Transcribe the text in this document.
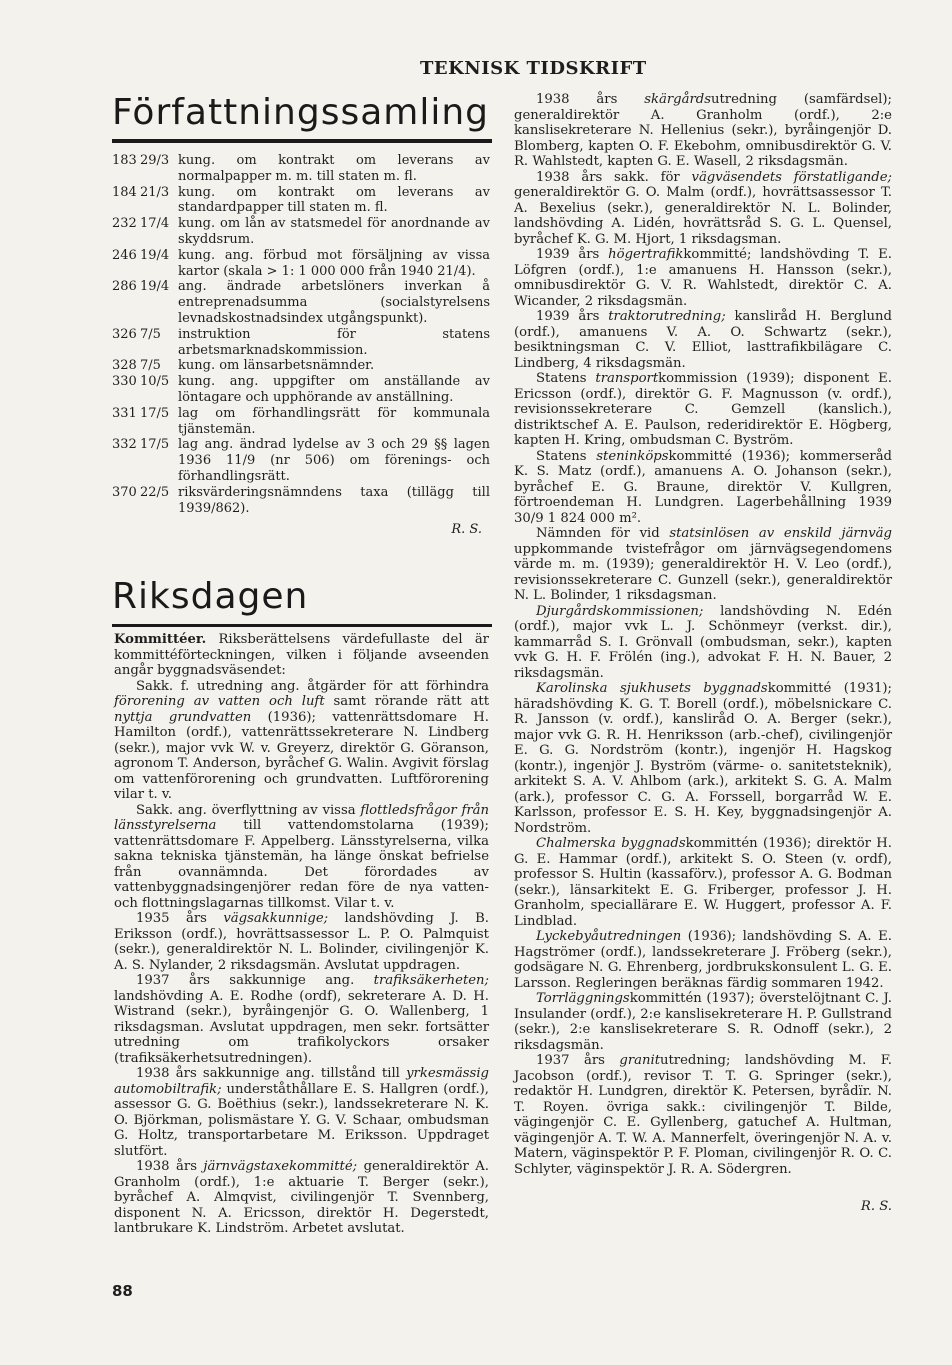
TEKNISK TIDSKRIFT
Författningssamling
183 29/3 kung. om kontrakt om leverans av normalpapper m. m. till staten m. fl.
184 21/3 kung. om kontrakt om leverans av standardpapper till staten m. fl.
232 17/4 kung. om lån av statsmedel för anordnande av skyddsrum.
246 19/4 kung. ang. förbud mot försäljning av vissa kartor (skala > 1: 1 000 000 från 1940 21/4).
286 19/4 ang. ändrade arbetslöners inverkan å entreprenadsumma (socialstyrelsens levnadskostnadsindex utgångspunkt).
326 7/5	instruktion för statens arbetsmarknadskommission.
328 7/5	kung. om länsarbetsnämnder.
330 10/5 kung. ang. uppgifter om anställande av löntagare och upphörande av anställning.
331 17/5 lag om förhandlingsrätt för kommunala tjänstemän.
332 17/5 lag ang. ändrad lydelse av 3 och 29 §§ lagen 1936 11/9 (nr 506) om förenings- och förhandlingsrätt.
370 22/5 riksvärderingsnämndens taxa (tillägg till 1939/862).
R. S.
Riksdagen

Kommittéer. Riksberättelsens värdefullaste del är kommittéförteckningen, vilken i följande avseenden angår byggnadsväsendet:

Sakk. f. utredning ang. åtgärder för att förhindra förorening av vatten och luft samt rörande rätt att nyttja grundvatten (1936); vattenrättsdomare H. Hamilton (ordf.), vattenrättssekreterare N. Lindberg (sekr.), major vvk W. v. Greyerz, direktör G. Göranson, agronom T. Anderson, byråchef G. Walin. Avgivit förslag om vattenförorening och grundvatten. Luftförorening vilar t. v.

Sakk. ang. överflyttning av vissa flottledsfrågor från länsstyrelserna till vattendomstolarna (1939); vattenrättsdomare F. Appelberg. Länsstyrelserna, vilka sakna tekniska tjänstemän, ha länge önskat befrielse från ovannämnda. Det förordades av vattenbyggnadsingenjörer redan före de nya vatten- och flottningslagarnas tillkomst. Vilar t. v.

1935 års vägsakkunnige; landshövding J. B. Eriksson (ordf.), hovrättsassessor L. P. O. Palmquist (sekr.), generaldirektör N. L. Bolinder, civilingenjör K. A. S. Nylander, 2 riksdagsmän. Avslutat uppdragen.

1937 års sakkunnige ang. trafiksäkerheten; landshövding A. E. Rodhe (ordf), sekreterare A. D. H. Wistrand (sekr.), byråingenjör G. O. Wallenberg, 1 riksdagsman. Avslutat uppdragen, men sekr. fortsätter utredning om trafikolyckors orsaker (trafiksäkerhetsutredningen).

1938 års sakkunnige ang. tillstånd till yrkesmässig automobiltrafik; underståthållare E. S. Hallgren (ordf.), assessor G. G. Boëthius (sekr.), landssekreterare N. K. O. Björkman, polismästare Y. G. V. Schaar, ombudsman G. Holtz, transportarbetare M. Eriksson. Uppdraget slutfört.

1938 års järnvägstaxekommitté; generaldirektör A. Granholm (ordf.), 1:e aktuarie T. Berger (sekr.), byråchef A. Almqvist, civilingenjör T. Svennberg, disponent N. A. Ericsson, direktör H. Degerstedt, lantbrukare K. Lindström. Arbetet avslutat.

1938 års skärgårdsutredning (samfärdsel); generaldirektör A. Granholm (ordf.), 2:e kanslisekreterare N. Hellenius (sekr.), byråingenjör D. Blomberg, kapten O. F. Ekebohm, omnibusdirektör G. V. R. Wahlstedt, kapten G. E. Wasell, 2 riksdagsmän.

1938 års sakk. för vägväsendets förstatligande; generaldirektör G. O. Malm (ordf.), hovrättsassessor T. A. Bexelius (sekr.), generaldirektör N. L. Bolinder, landshövding A. Lidén, hovrättsråd S. G. L. Quensel, byråchef K. G. M. Hjort, 1 riksdagsman.

1939 års högertrafikkommitté; landshövding T. E. Löfgren (ordf.), 1:e amanuens H. Hansson (sekr.), omnibusdirektör G. V. R. Wahlstedt, direktör C. A. Wicander, 2 riksdagsmän.

1939 års traktorutredning; kansliråd H. Berglund (ordf.), amanuens V. A. O. Schwartz (sekr.), besiktningsman C. V. Elliot, lasttrafikbilägare C. Lindberg, 4 riksdagsmän.

Statens transportkommission (1939); disponent E. Ericsson (ordf.), direktör G. F. Magnusson (v. ordf.), revisionssekreterare C. Gemzell (kanslich.), distriktschef A. E. Paulson, rederidirektör E. Högberg, kapten H. Kring, ombudsman C. Byström.

Statens steninköpskommitté (1936); kommerseråd K. S. Matz (ordf.), amanuens A. O. Johanson (sekr.), byråchef E. G. Braune, direktör V. Kullgren, förtroendeman H. Lundgren. Lagerbehållning 1939 30/9 1 824 000 m².

Nämnden för vid statsinlösen av enskild järnväg uppkommande tvistefrågor om järnvägsegendomens värde m. m. (1939); generaldirektör H. V. Leo (ordf.), revisionssekreterare C. Gunzell (sekr.), generaldirektör N. L. Bolinder, 1 riksdagsman.

Djurgårdskommissionen; landshövding N. Edén (ordf.), major vvk L. J. Schönmeyr (verkst. dir.), kammarråd S. I. Grönvall (ombudsman, sekr.), kapten vvk G. H. F. Frölén (ing.), advokat F. H. N. Bauer, 2 riksdagsmän.

Karolinska sjukhusets byggnadskommitté (1931); häradshövding K. G. T. Borell (ordf.), möbelsnickare C. R. Jansson (v. ordf.), kansliråd O. A. Berger (sekr.), major vvk G. R. H. Henriksson (arb.-chef), civilingenjör E. G. G. Nordström (kontr.), ingenjör H. Hagskog (kontr.), ingenjör J. Byström (värme- o. sanitetsteknik), arkitekt S. A. V. Ahlbom (ark.), arkitekt S. G. A. Malm (ark.), professor C. G. A. Forssell, borgarråd W. E. Karlsson, professor E. S. H. Key, byggnadsingenjör A. Nordström.

Chalmerska byggnadskommittén (1936); direktör H. G. E. Hammar (ordf.), arkitekt S. O. Steen (v. ordf), professor S. Hultin (kassaförv.), professor A. G. Bodman (sekr.), länsarkitekt E. G. Friberger, professor J. H. Granholm, speciallärare E. W. Huggert, professor A. F. Lindblad.

Lyckebyåutredningen (1936); landshövding S. A. E. Hagströmer (ordf.), landssekreterare J. Fröberg (sekr.), godsägare N. G. Ehrenberg, jordbrukskonsulent L. G. E. Larsson. Regleringen beräknas färdig sommaren 1942.

Torrläggningskommittén (1937); överstelöjtnant C. J. Insulander (ordf.), 2:e kanslisekreterare H. P. Gullstrand (sekr.), 2:e kanslisekreterare S. R. Odnoff (sekr.), 2 riksdagsmän.

1937 års granitutredning; landshövding M. F. Jacobson (ordf.), revisor T. T. G. Springer (sekr.), redaktör H. Lundgren, direktör K. Petersen, byrådïr. N. T. Royen. övriga sakk.: civilingenjör T. Bilde, vägingenjör C. E. Gyllenberg, gatuchef A. Hultman, vägingenjör A. T. W. A. Mannerfelt, överingenjör N. A. v. Matern, väginspektör P. F. Ploman, civilingenjör R. O. C. Schlyter, väginspektör J. R. A. Södergren.

R. S.
88
